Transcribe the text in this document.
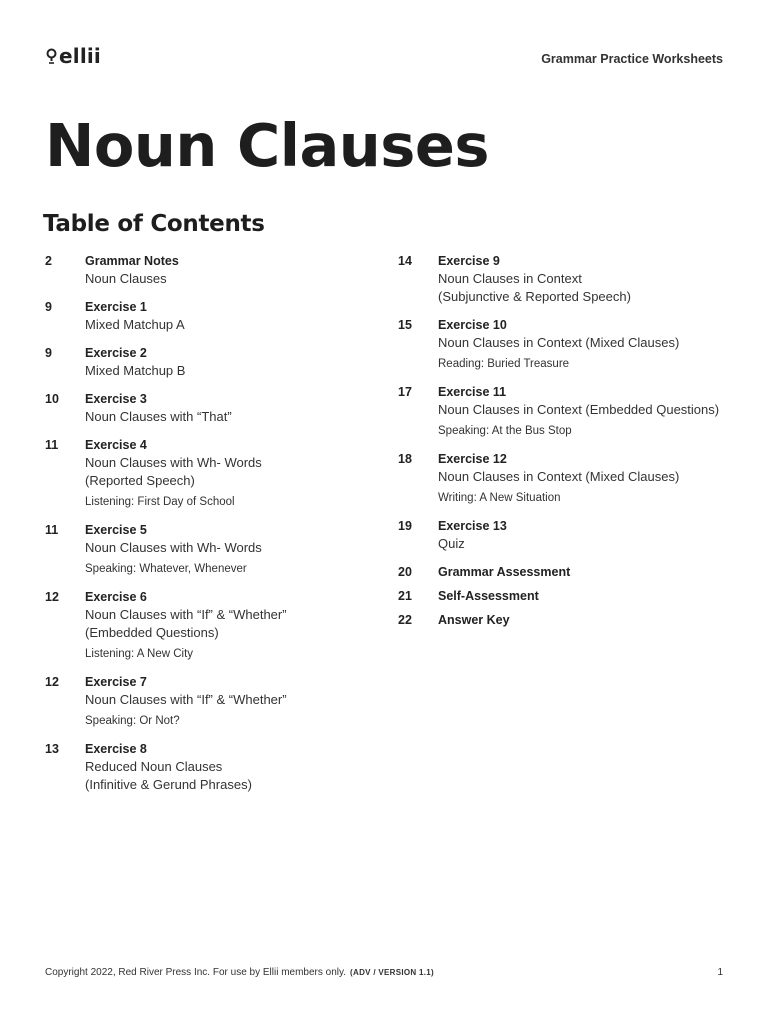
ellii	Grammar Practice Worksheets
Noun Clauses
Table of Contents
2	Grammar Notes
Noun Clauses
9	Exercise 1
Mixed Matchup A
9	Exercise 2
Mixed Matchup B
10	Exercise 3
Noun Clauses with “That”
11	Exercise 4
Noun Clauses with Wh- Words
(Reported Speech)
Listening: First Day of School
11	Exercise 5
Noun Clauses with Wh- Words
Speaking: Whatever, Whenever
12	Exercise 6
Noun Clauses with “If” & “Whether”
(Embedded Questions)
Listening: A New City
12	Exercise 7
Noun Clauses with “If” & “Whether”
Speaking: Or Not?
13	Exercise 8
Reduced Noun Clauses
(Infinitive & Gerund Phrases)
14	Exercise 9
Noun Clauses in Context
(Subjunctive & Reported Speech)
15	Exercise 10
Noun Clauses in Context (Mixed Clauses)
Reading: Buried Treasure
17	Exercise 11
Noun Clauses in Context (Embedded Questions)
Speaking: At the Bus Stop
18	Exercise 12
Noun Clauses in Context (Mixed Clauses)
Writing: A New Situation
19	Exercise 13
Quiz
20	Grammar Assessment
21	Self-Assessment
22	Answer Key
Copyright 2022, Red River Press Inc. For use by Ellii members only. (ADV / VERSION 1.1)	1
